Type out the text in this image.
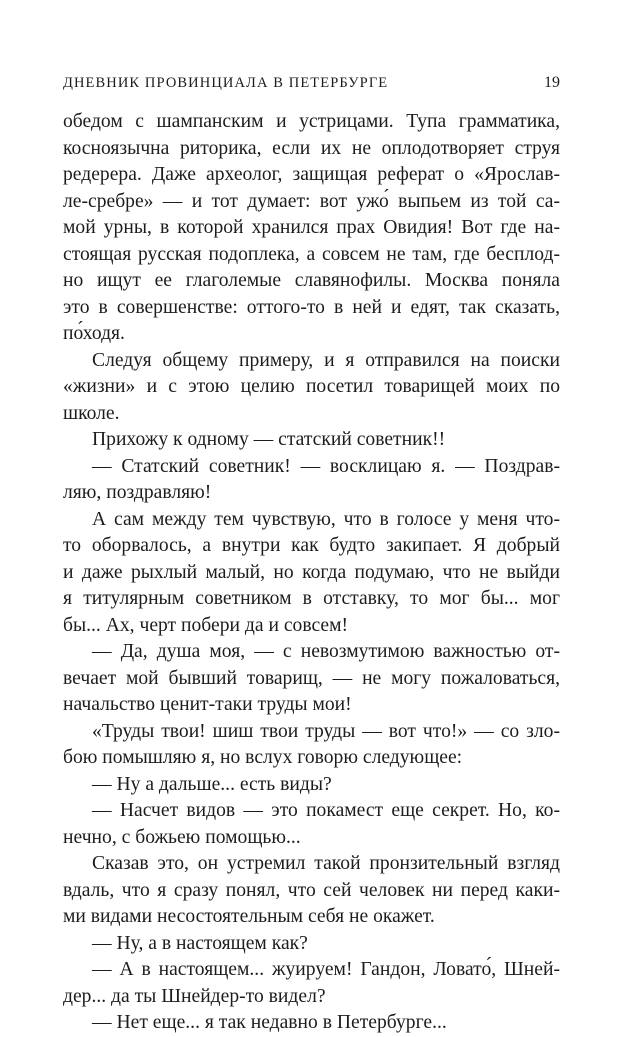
ДНЕВНИК ПРОВИНЦИАЛА В ПЕТЕРБУРГЕ	19
обедом с шампанским и устрицами. Тупа грамматика,
косноязычна риторика, если их не оплодотворяет струя
редерера. Даже археолог, защищая реферат о «Ярослав-
ле-сребре» — и тот думает: вот ужо́ выпьем из той са-
мой урны, в которой хранился прах Овидия! Вот где на-
стоящая русская подоплека, а совсем не там, где бесплод-
но ищут ее глаголемые славянофилы. Москва поняла
это в совершенстве: оттого-то в ней и едят, так сказать,
по́ходя.
Следуя общему примеру, и я отправился на поиски
«жизни» и с этою целию посетил товарищей моих по
школе.
Прихожу к одному — статский советник!!
— Статский советник! — восклицаю я. — Поздрав-
ляю, поздравляю!
А сам между тем чувствую, что в голосе у меня что-
то оборвалось, а внутри как будто закипает. Я добрый
и даже рыхлый малый, но когда подумаю, что не выйди
я титулярным советником в отставку, то мог бы... мог
бы... Ах, черт побери да и совсем!
— Да, душа моя, — с невозмутимою важностью от-
вечает мой бывший товарищ, — не могу пожаловаться,
начальство ценит-таки труды мои!
«Труды твои! шиш твои труды — вот что!» — со зло-
бою помышляю я, но вслух говорю следующее:
— Ну а дальше... есть виды?
— Насчет видов — это покамест еще секрет. Но, ко-
нечно, с божьею помощью...
Сказав это, он устремил такой пронзительный взгляд
вдаль, что я сразу понял, что сей человек ни перед каки-
ми видами несостоятельным себя не окажет.
— Ну, а в настоящем как?
— А в настоящем... жуируем! Гандон, Ловато́, Шней-
дер... да ты Шнейдер-то видел?
— Нет еще... я так недавно в Петербурге...
